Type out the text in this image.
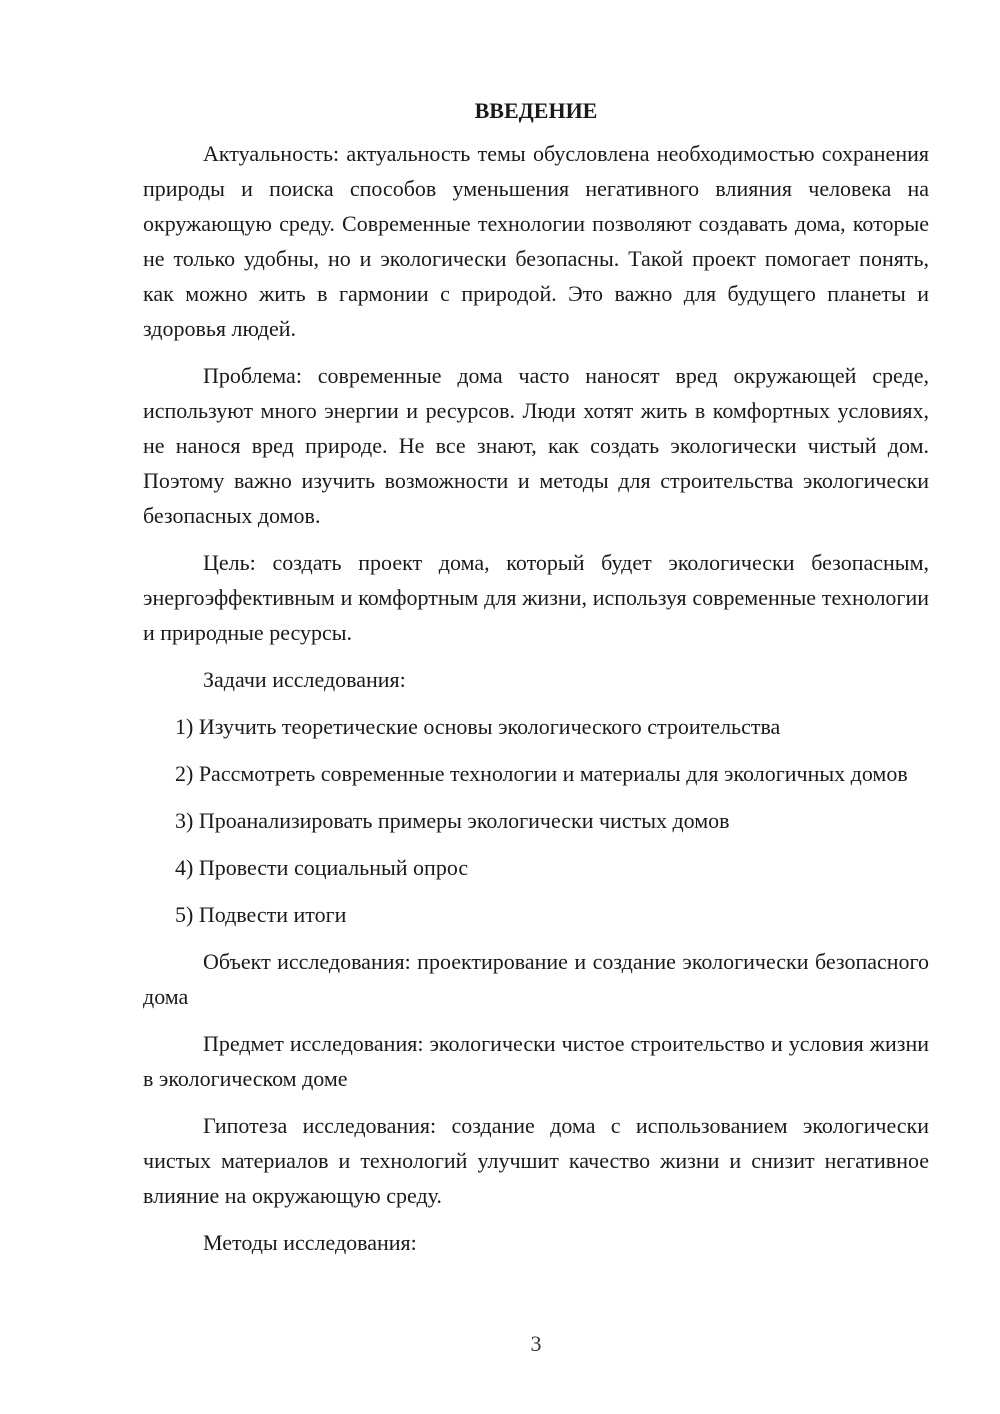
ВВЕДЕНИЕ

Актуальность: актуальность темы обусловлена необходимостью сохранения природы и поиска способов уменьшения негативного влияния человека на окружающую среду. Современные технологии позволяют создавать дома, которые не только удобны, но и экологически безопасны. Такой проект помогает понять, как можно жить в гармонии с природой. Это важно для будущего планеты и здоровья людей.

Проблема: современные дома часто наносят вред окружающей среде, используют много энергии и ресурсов. Люди хотят жить в комфортных условиях, не нанося вред природе. Не все знают, как создать экологически чистый дом. Поэтому важно изучить возможности и методы для строительства экологически безопасных домов.

Цель: создать проект дома, который будет экологически безопасным, энергоэффективным и комфортным для жизни, используя современные технологии и природные ресурсы.

Задачи исследования:

1) Изучить теоретические основы экологического строительства

2) Рассмотреть современные технологии и материалы для экологичных домов

3) Проанализировать примеры экологически чистых домов

4) Провести социальный опрос

5) Подвести итоги

Объект исследования: проектирование и создание экологически безопасного дома

Предмет исследования: экологически чистое строительство и условия жизни в экологическом доме

Гипотеза исследования: создание дома с использованием экологически чистых материалов и технологий улучшит качество жизни и снизит негативное влияние на окружающую среду.

Методы исследования:

3
